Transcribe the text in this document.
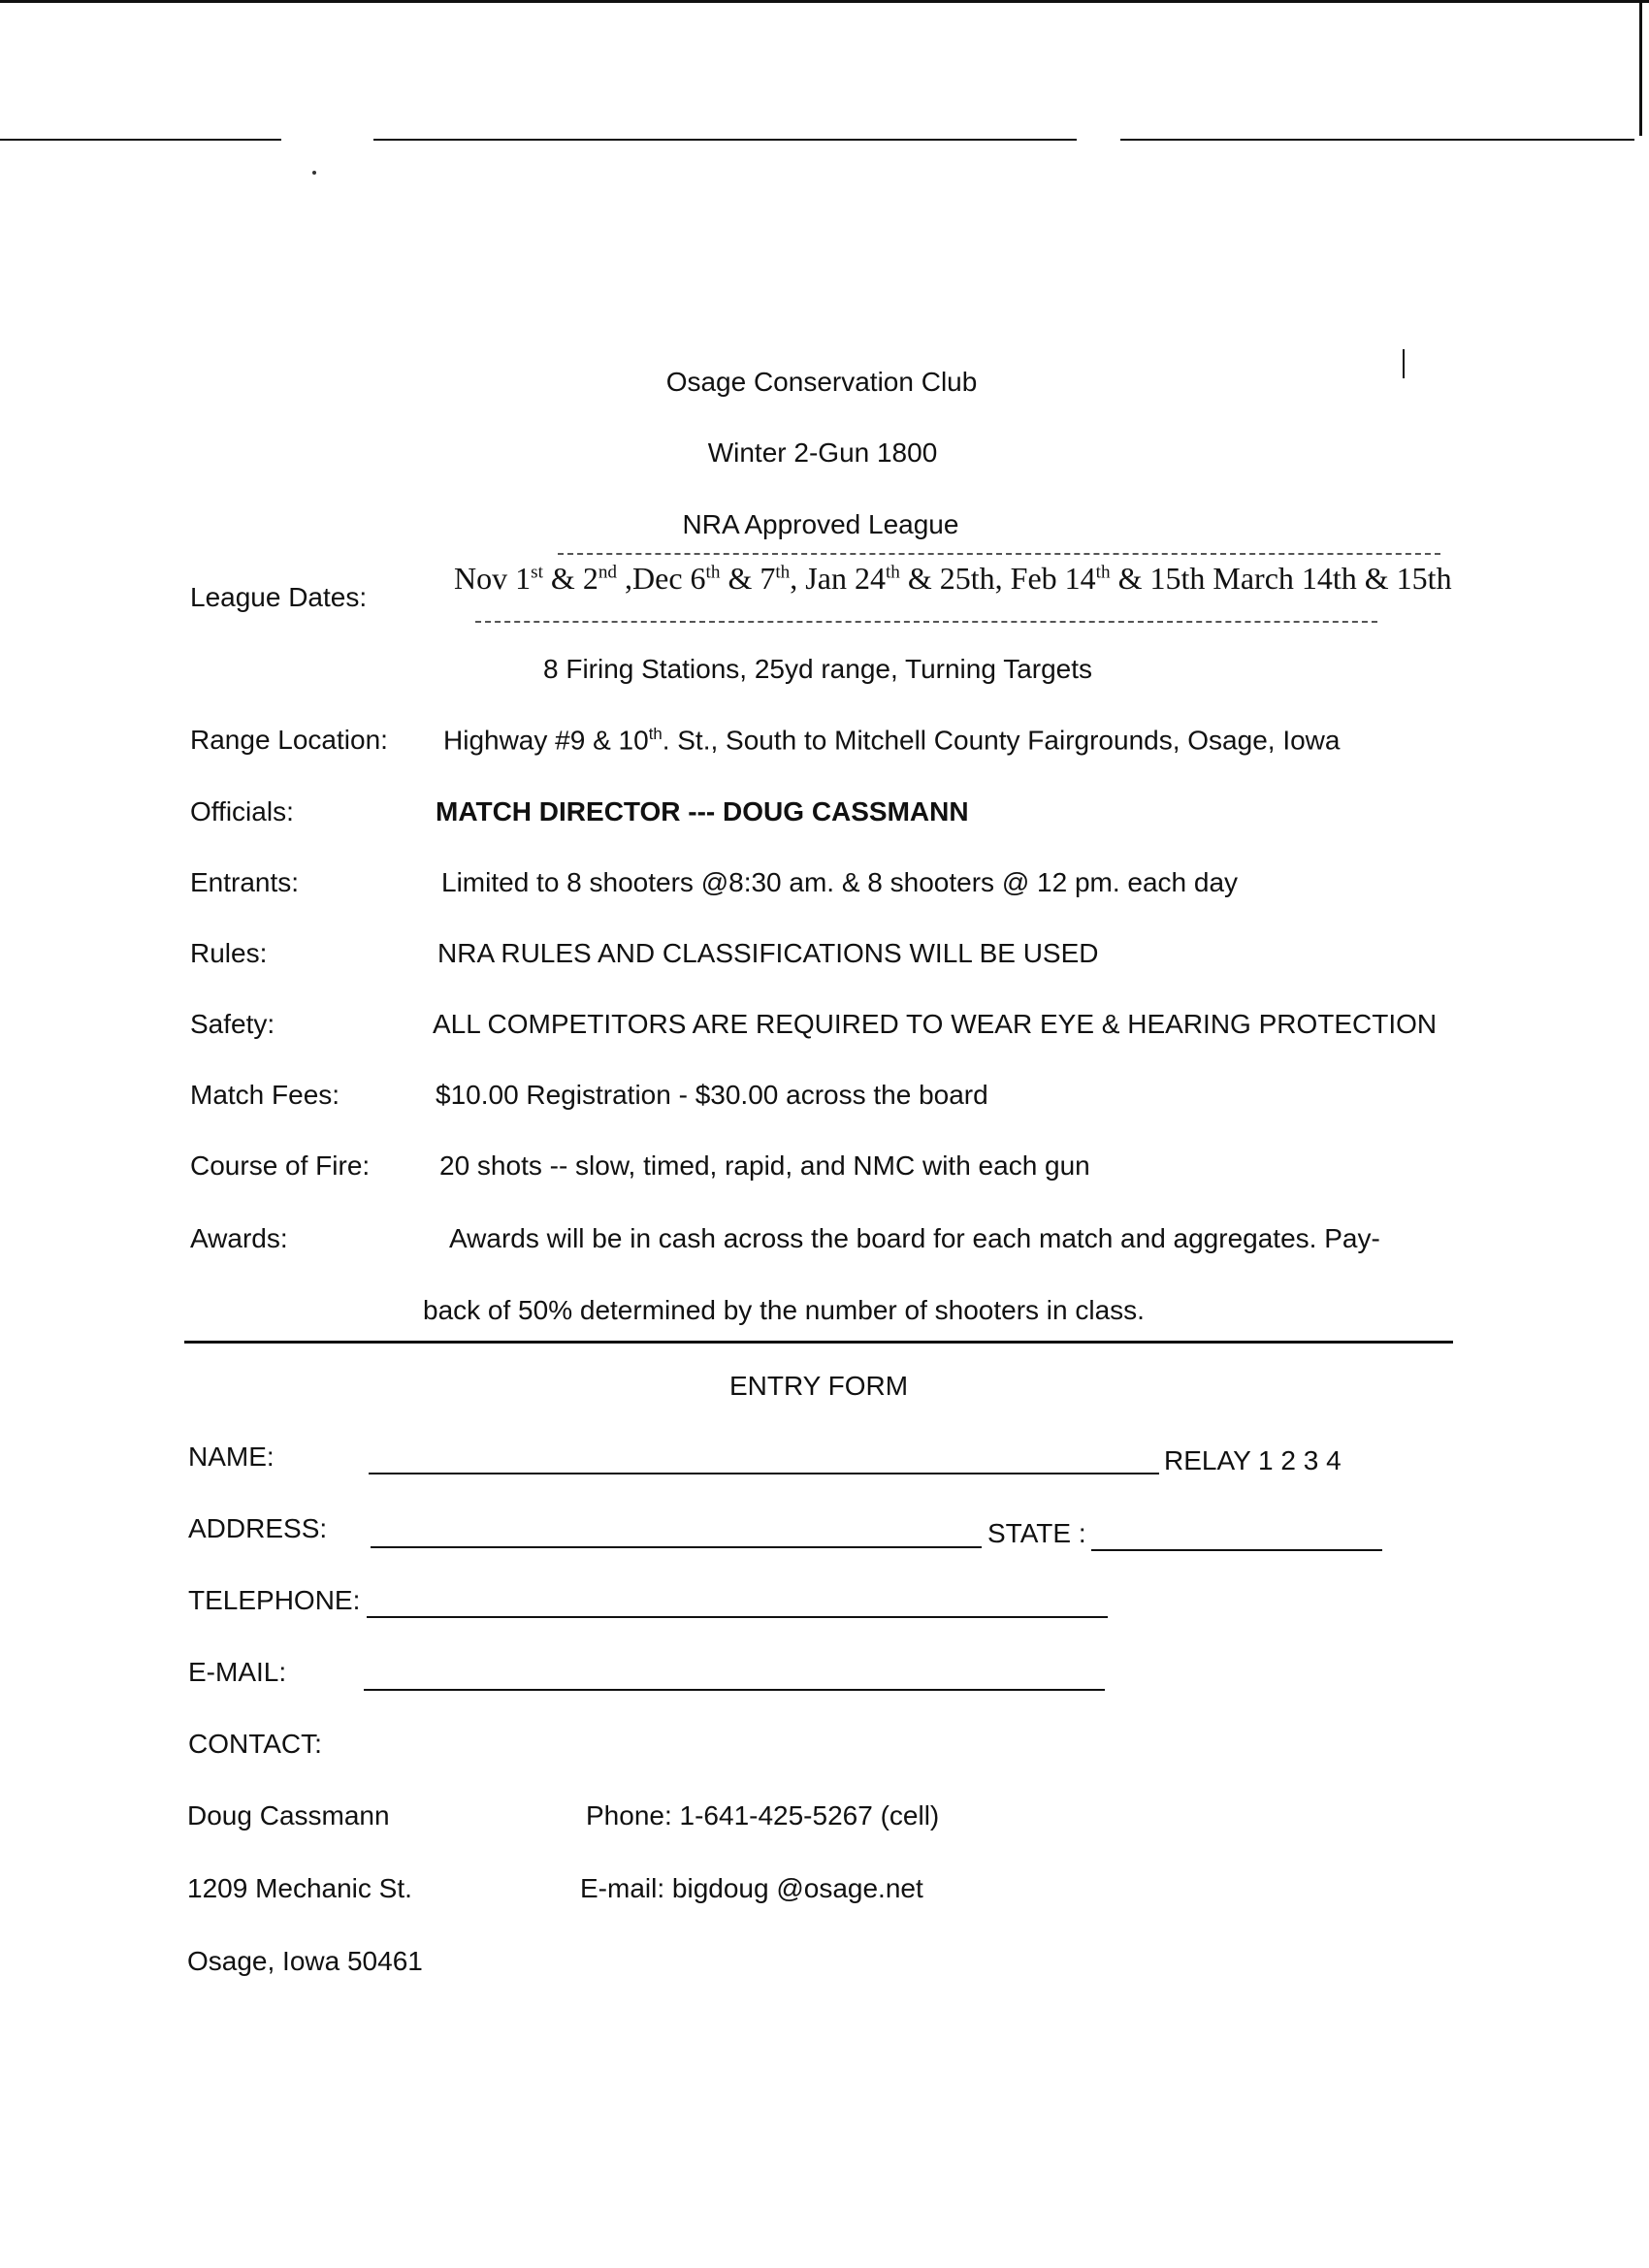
Osage Conservation Club
Winter 2-Gun 1800
NRA Approved League
League Dates:
Nov 1st & 2nd ,Dec 6th & 7th, Jan 24th & 25th, Feb 14th & 15th March 14th & 15th
8 Firing Stations, 25yd range, Turning Targets
Range Location: Highway #9 & 10th. St., South to Mitchell County Fairgrounds, Osage, Iowa
Officials:	MATCH DIRECTOR --- DOUG CASSMANN
Entrants:	Limited to 8 shooters @8:30 am. & 8 shooters @ 12 pm. each day
Rules:	NRA RULES AND CLASSIFICATIONS WILL BE USED
Safety:	ALL COMPETITORS ARE REQUIRED TO WEAR EYE & HEARING PROTECTION
Match Fees:	$10.00 Registration - $30.00 across the board
Course of Fire:	20 shots -- slow, timed, rapid, and NMC with each gun
Awards:	Awards will be in cash across the board for each match and aggregates. Pay-
back of 50% determined by the number of shooters in class.
ENTRY FORM
NAME:	RELAY 1 2 3 4
ADDRESS:	STATE :
TELEPHONE:
E-MAIL:
CONTACT:
Doug Cassmann	Phone: 1-641-425-5267 (cell)
1209 Mechanic St.	E-mail: bigdoug @osage.net
Osage, Iowa 50461
